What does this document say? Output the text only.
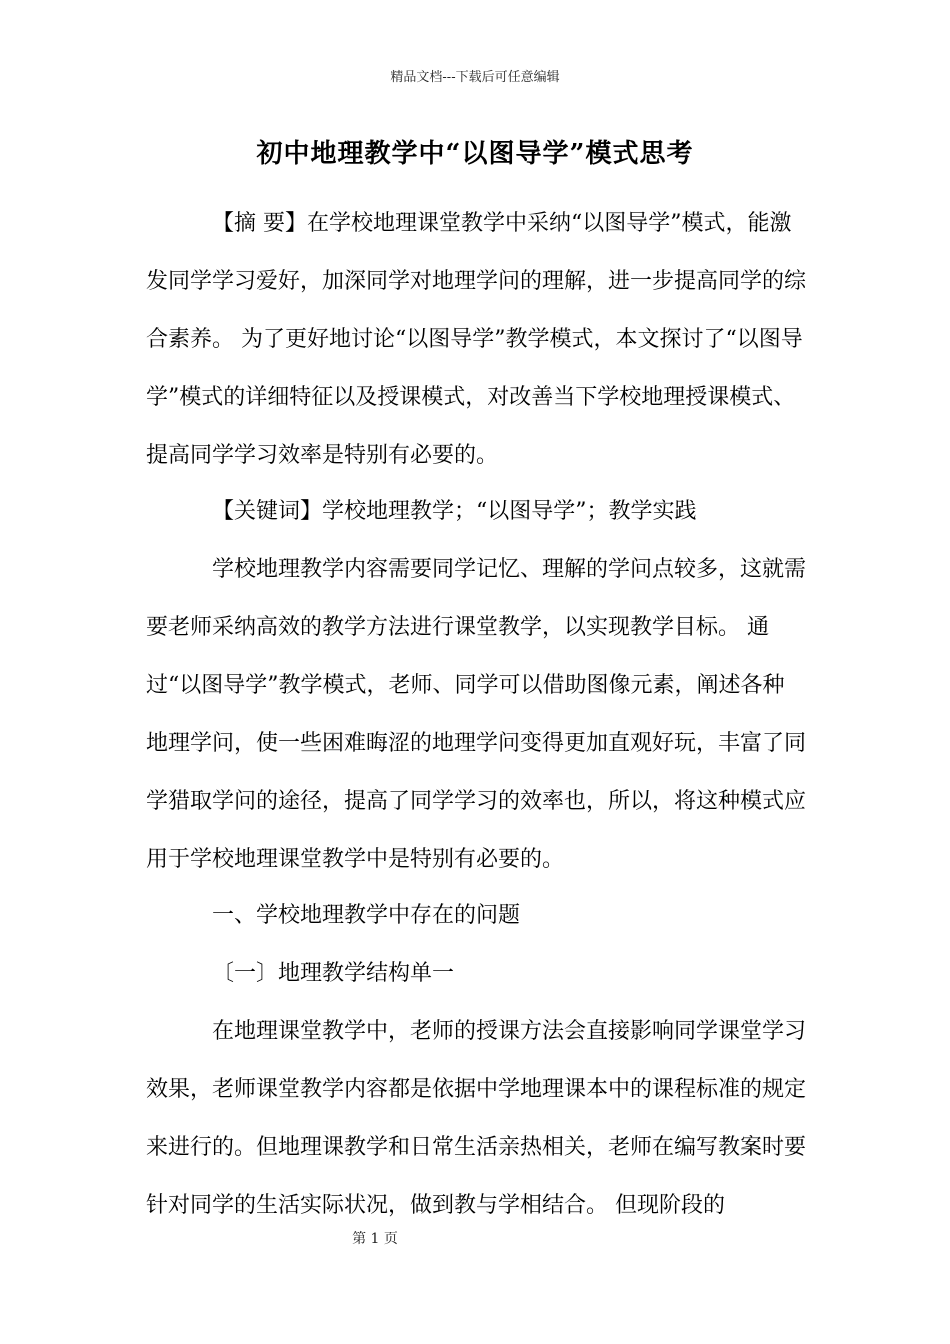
精品文档---下载后可任意编辑
初中地理教学中“以图导学”模式思考

【摘 要】在学校地理课堂教学中采纳“以图导学”模式，能激发同学学习爱好，加深同学对地理学问的理解，进一步提高同学的综合素养。 为了更好地讨论“以图导学”教学模式，本文探讨了“以图导学”模式的详细特征以及授课模式，对改善当下学校地理授课模式、提高同学学习效率是特别有必要的。

【关键词】学校地理教学；“以图导学”；教学实践

学校地理教学内容需要同学记忆、理解的学问点较多，这就需要老师采纳高效的教学方法进行课堂教学，以实现教学目标。 通过“以图导学”教学模式，老师、同学可以借助图像元素，阐述各种地理学问，使一些困难晦涩的地理学问变得更加直观好玩，丰富了同学猎取学问的途径，提高了同学学习的效率也，所以，将这种模式应用于学校地理课堂教学中是特别有必要的。

一、学校地理教学中存在的问题

〔一〕地理教学结构单一

在地理课堂教学中，老师的授课方法会直接影响同学课堂学习效果，老师课堂教学内容都是依据中学地理课本中的课程标准的规定来进行的。但地理课教学和日常生活亲热相关，老师在编写教案时要针对同学的生活实际状况，做到教与学相结合。 但现阶段的

第 1 页
